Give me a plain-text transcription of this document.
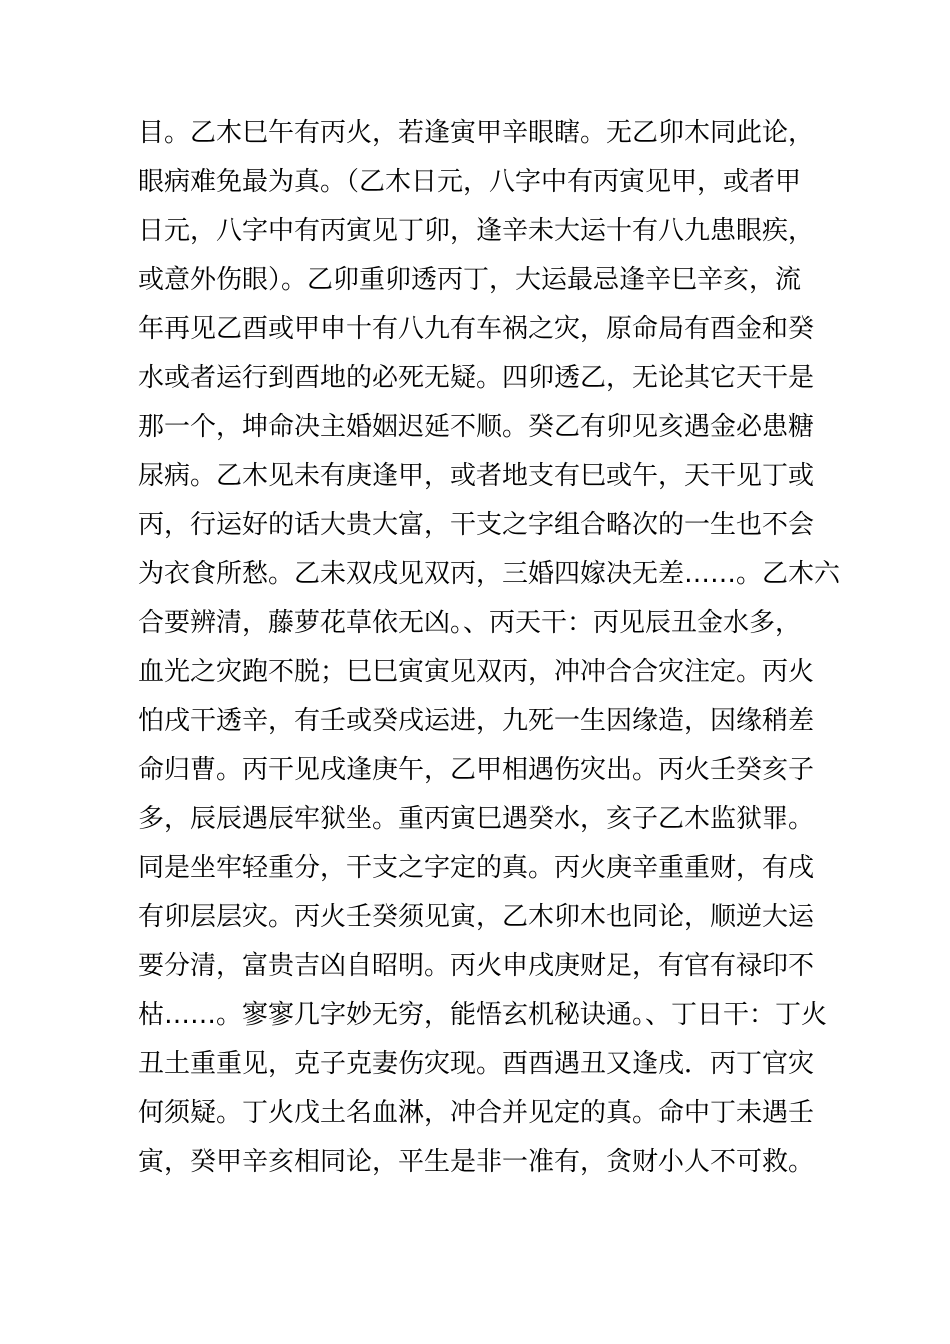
目。乙木巳午有丙火，若逢寅甲辛眼瞎。无乙卯木同此论，
眼病难免最为真。（乙木日元，八字中有丙寅见甲，或者甲
日元，八字中有丙寅见丁卯，逢辛未大运十有八九患眼疾，
或意外伤眼）。乙卯重卯透丙丁，大运最忌逢辛巳辛亥，流
年再见乙酉或甲申十有八九有车祸之灾，原命局有酉金和癸
水或者运行到酉地的必死无疑。四卯透乙，无论其它天干是
那一个，坤命决主婚姻迟延不顺。癸乙有卯见亥遇金必患糖
尿病。乙木见未有庚逢甲，或者地支有巳或午，天干见丁或
丙，行运好的话大贵大富，干支之字组合略次的一生也不会
为衣食所愁。乙未双戌见双丙，三婚四嫁决无差……。乙木六
合要辨清，藤萝花草依无凶。、丙天干：丙见辰丑金水多，
血光之灾跑不脱；巳巳寅寅见双丙，冲冲合合灾注定。丙火
怕戌干透辛，有壬或癸戌运进，九死一生因缘造，因缘稍差
命归曹。丙干见戌逢庚午，乙甲相遇伤灾出。丙火壬癸亥子
多，辰辰遇辰牢狱坐。重丙寅巳遇癸水，亥子乙木监狱罪。
同是坐牢轻重分，干支之字定的真。丙火庚辛重重财，有戌
有卯层层灾。丙火壬癸须见寅，乙木卯木也同论，顺逆大运
要分清，富贵吉凶自昭明。丙火申戌庚财足，有官有禄印不
枯……。寥寥几字妙无穷，能悟玄机秘诀通。、丁日干：丁火
丑土重重见，克子克妻伤灾现。酉酉遇丑又逢戌．丙丁官灾
何须疑。丁火戊土名血淋，冲合并见定的真。命中丁未遇壬
寅，癸甲辛亥相同论，平生是非一准有，贪财小人不可救。
